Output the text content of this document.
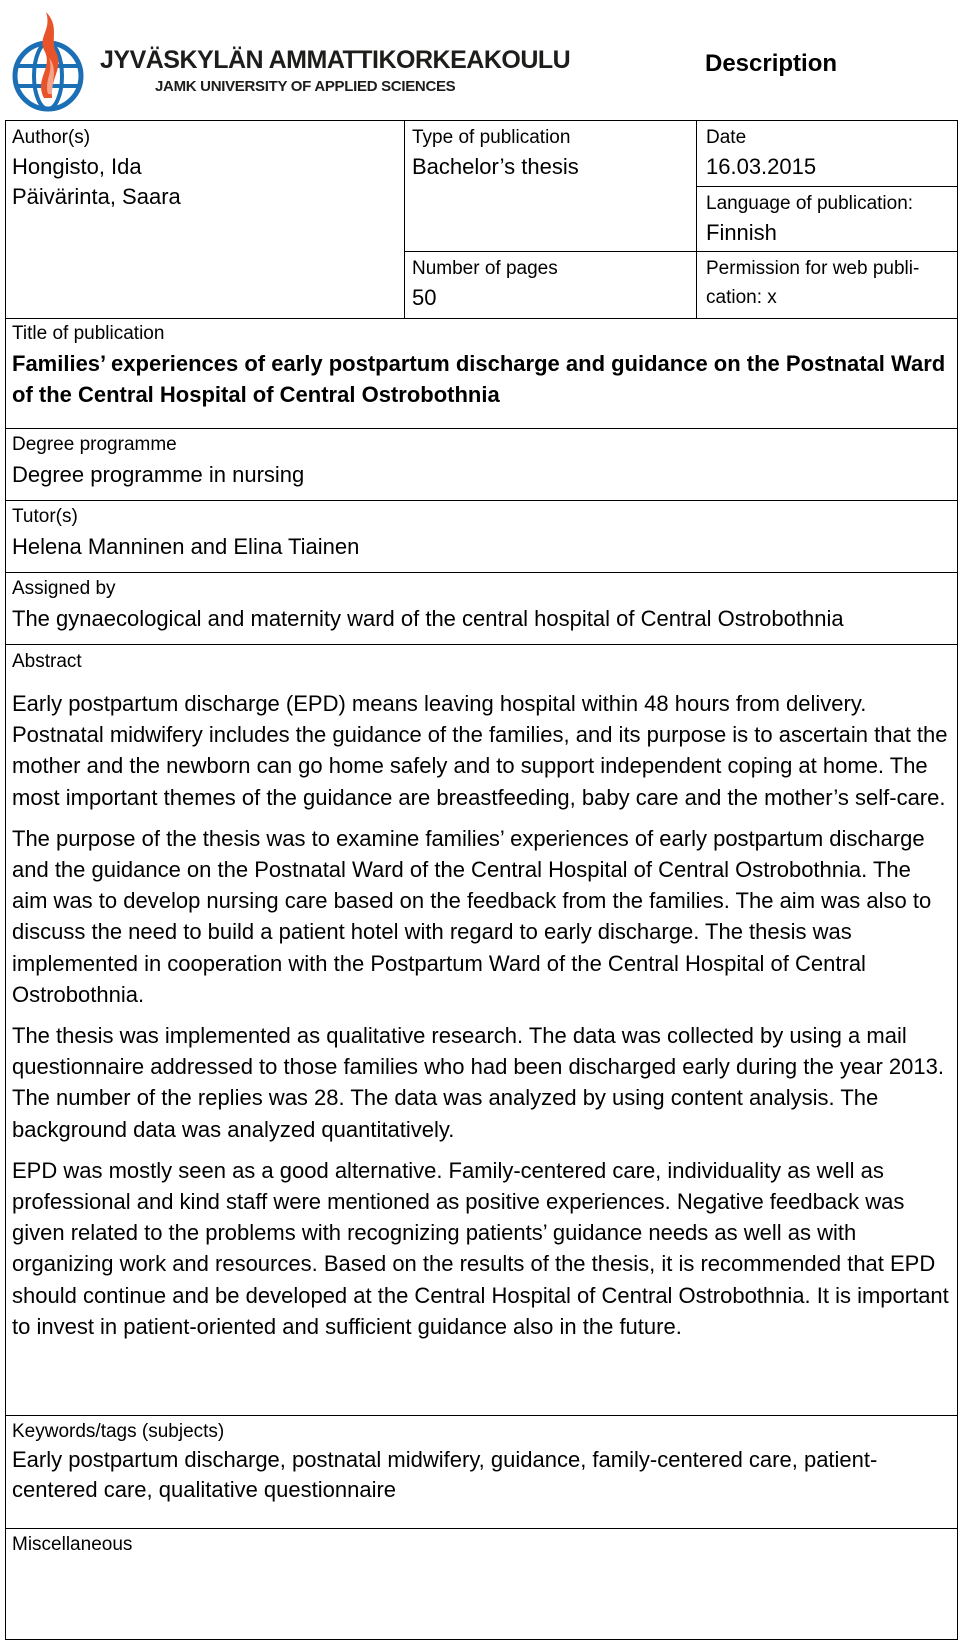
JYVÄSKYLÄN AMMATTIKORKEAKOULU
JAMK UNIVERSITY OF APPLIED SCIENCES
Description
Author(s)
Hongisto, Ida
Päivärinta, Saara
Type of publication
Bachelor’s thesis
Date
16.03.2015
Language of publication:
Finnish
Number of pages
50
Permission for web publi-
cation: x
Title of publication
Families’ experiences of early postpartum discharge and guidance on the Postnatal Ward of the Central Hospital of Central Ostrobothnia
Degree programme
Degree programme in nursing
Tutor(s)
Helena Manninen and Elina Tiainen
Assigned by
The gynaecological and maternity ward of the central hospital of Central Ostrobothnia
Abstract

Early postpartum discharge (EPD) means leaving hospital within 48 hours from delivery. Postnatal midwifery includes the guidance of the families, and its purpose is to ascertain that the mother and the newborn can go home safely and to support independent coping at home. The most important themes of the guidance are breastfeeding, baby care and the mother’s self-care.

The purpose of the thesis was to examine families’ experiences of early postpartum discharge and the guidance on the Postnatal Ward of the Central Hospital of Central Ostrobothnia. The aim was to develop nursing care based on the feedback from the families. The aim was also to discuss the need to build a patient hotel with regard to early discharge. The thesis was implemented in cooperation with the Postpartum Ward of the Central Hospital of Central Ostrobothnia.

The thesis was implemented as qualitative research. The data was collected by using a mail questionnaire addressed to those families who had been discharged early during the year 2013. The number of the replies was 28. The data was analyzed by using content analysis. The background data was analyzed quantitatively.

EPD was mostly seen as a good alternative. Family-centered care, individuality as well as professional and kind staff were mentioned as positive experiences. Negative feedback was given related to the problems with recognizing patients’ guidance needs as well as with organizing work and resources. Based on the results of the thesis, it is recommended that EPD should continue and be developed at the Central Hospital of Central Ostrobothnia. It is important to invest in patient-oriented and sufficient guidance also in the future.

Keywords/tags (subjects)
Early postpartum discharge, postnatal midwifery, guidance, family-centered care, patient-centered care, qualitative questionnaire
Miscellaneous
